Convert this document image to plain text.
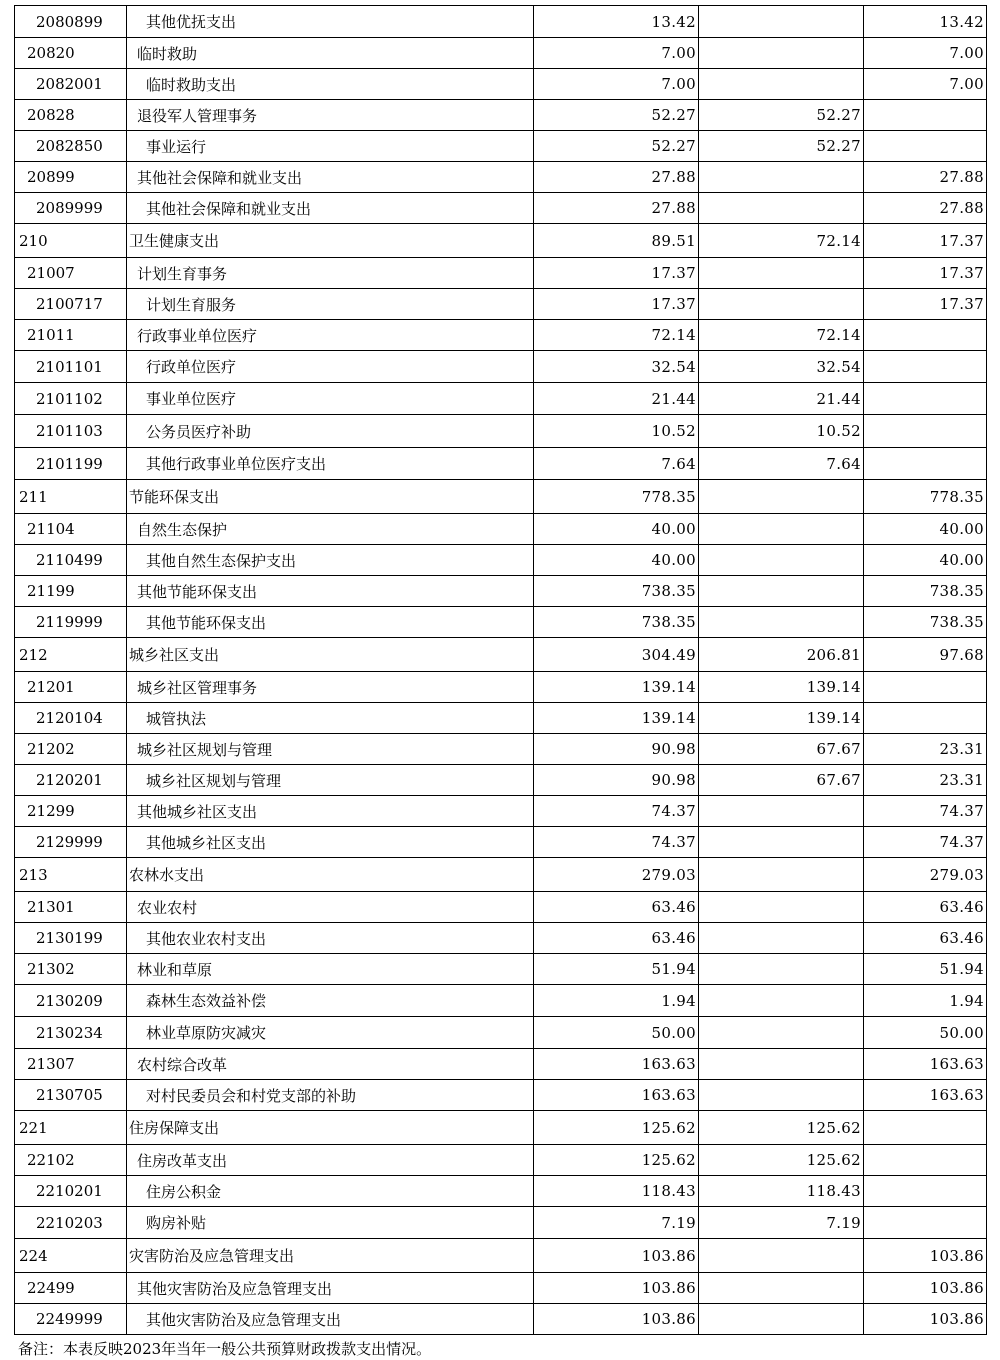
2080899	其他优抚支出	13.42		13.42
20820	临时救助	7.00		7.00
2082001	临时救助支出	7.00		7.00
20828	退役军人管理事务	52.27	52.27	
2082850	事业运行	52.27	52.27	
20899	其他社会保障和就业支出	27.88		27.88
2089999	其他社会保障和就业支出	27.88		27.88
210	卫生健康支出	89.51	72.14	17.37
21007	计划生育事务	17.37		17.37
2100717	计划生育服务	17.37		17.37
21011	行政事业单位医疗	72.14	72.14	
2101101	行政单位医疗	32.54	32.54	
2101102	事业单位医疗	21.44	21.44	
2101103	公务员医疗补助	10.52	10.52	
2101199	其他行政事业单位医疗支出	7.64	7.64	
211	节能环保支出	778.35		778.35
21104	自然生态保护	40.00		40.00
2110499	其他自然生态保护支出	40.00		40.00
21199	其他节能环保支出	738.35		738.35
2119999	其他节能环保支出	738.35		738.35
212	城乡社区支出	304.49	206.81	97.68
21201	城乡社区管理事务	139.14	139.14	
2120104	城管执法	139.14	139.14	
21202	城乡社区规划与管理	90.98	67.67	23.31
2120201	城乡社区规划与管理	90.98	67.67	23.31
21299	其他城乡社区支出	74.37		74.37
2129999	其他城乡社区支出	74.37		74.37
213	农林水支出	279.03		279.03
21301	农业农村	63.46		63.46
2130199	其他农业农村支出	63.46		63.46
21302	林业和草原	51.94		51.94
2130209	森林生态效益补偿	1.94		1.94
2130234	林业草原防灾减灾	50.00		50.00
21307	农村综合改革	163.63		163.63
2130705	对村民委员会和村党支部的补助	163.63		163.63
221	住房保障支出	125.62	125.62	
22102	住房改革支出	125.62	125.62	
2210201	住房公积金	118.43	118.43	
2210203	购房补贴	7.19	7.19	
224	灾害防治及应急管理支出	103.86		103.86
22499	其他灾害防治及应急管理支出	103.86		103.86
2249999	其他灾害防治及应急管理支出	103.86		103.86
备注：本表反映2023年当年一般公共预算财政拨款支出情况。
